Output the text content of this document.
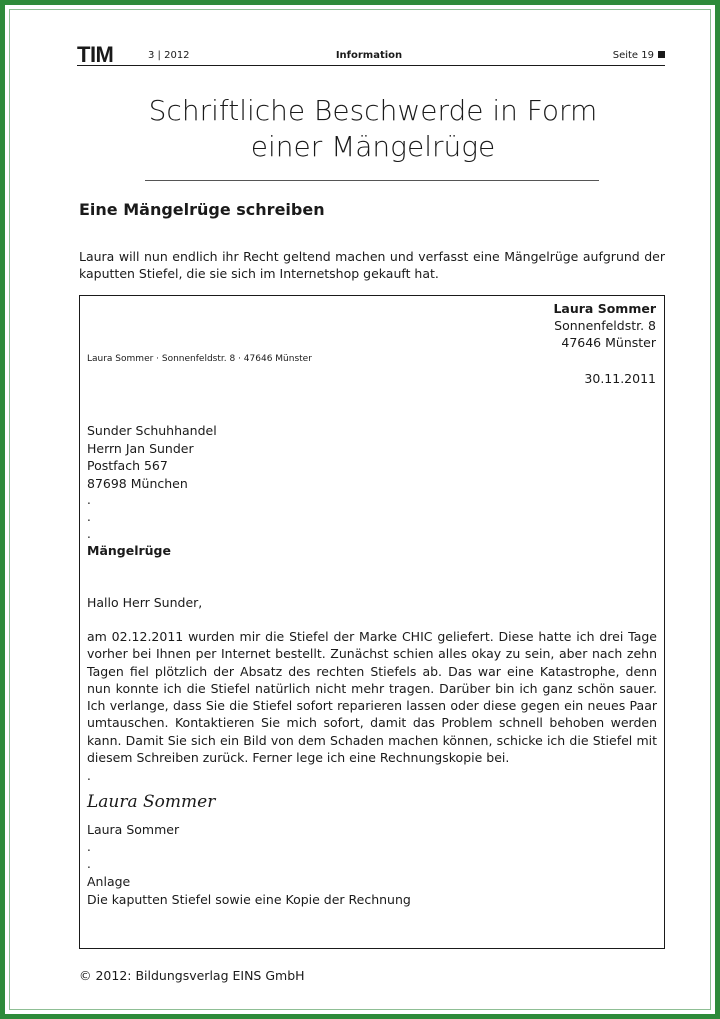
TIM	3 | 2012	Information	Seite 19
Schriftliche Beschwerde in Form
einer Mängelrüge
Eine Mängelrüge schreiben
Laura will nun endlich ihr Recht geltend machen und verfasst eine Mängelrüge aufgrund der kaputten Stiefel, die sie sich im Internetshop gekauft hat.
Laura Sommer
Sonnenfeldstr. 8
47646 Münster
Laura Sommer · Sonnenfeldstr. 8 · 47646 Münster
30.11.2011
Sunder Schuhhandel
Herrn Jan Sunder
Postfach 567
87698 München
.
.
.
Mängelrüge
Hallo Herr Sunder,
am 02.12.2011 wurden mir die Stiefel der Marke CHIC geliefert. Diese hatte ich drei Tage vorher bei Ihnen per Internet bestellt. Zunächst schien alles okay zu sein, aber nach zehn Tagen fiel plötzlich der Absatz des rechten Stiefels ab. Das war eine Katastrophe, denn nun konnte ich die Stiefel natürlich nicht mehr tragen. Darüber bin ich ganz schön sauer. Ich verlange, dass Sie die Stiefel sofort reparieren lassen oder diese gegen ein neues Paar umtauschen. Kontaktieren Sie mich sofort, damit das Problem schnell behoben werden kann. Damit Sie sich ein Bild von dem Schaden machen können, schicke ich die Stiefel mit diesem Schreiben zurück. Ferner lege ich eine Rechnungskopie bei.
.
Laura Sommer
Laura Sommer
.
.
Anlage
Die kaputten Stiefel sowie eine Kopie der Rechnung
© 2012: Bildungsverlag EINS GmbH
